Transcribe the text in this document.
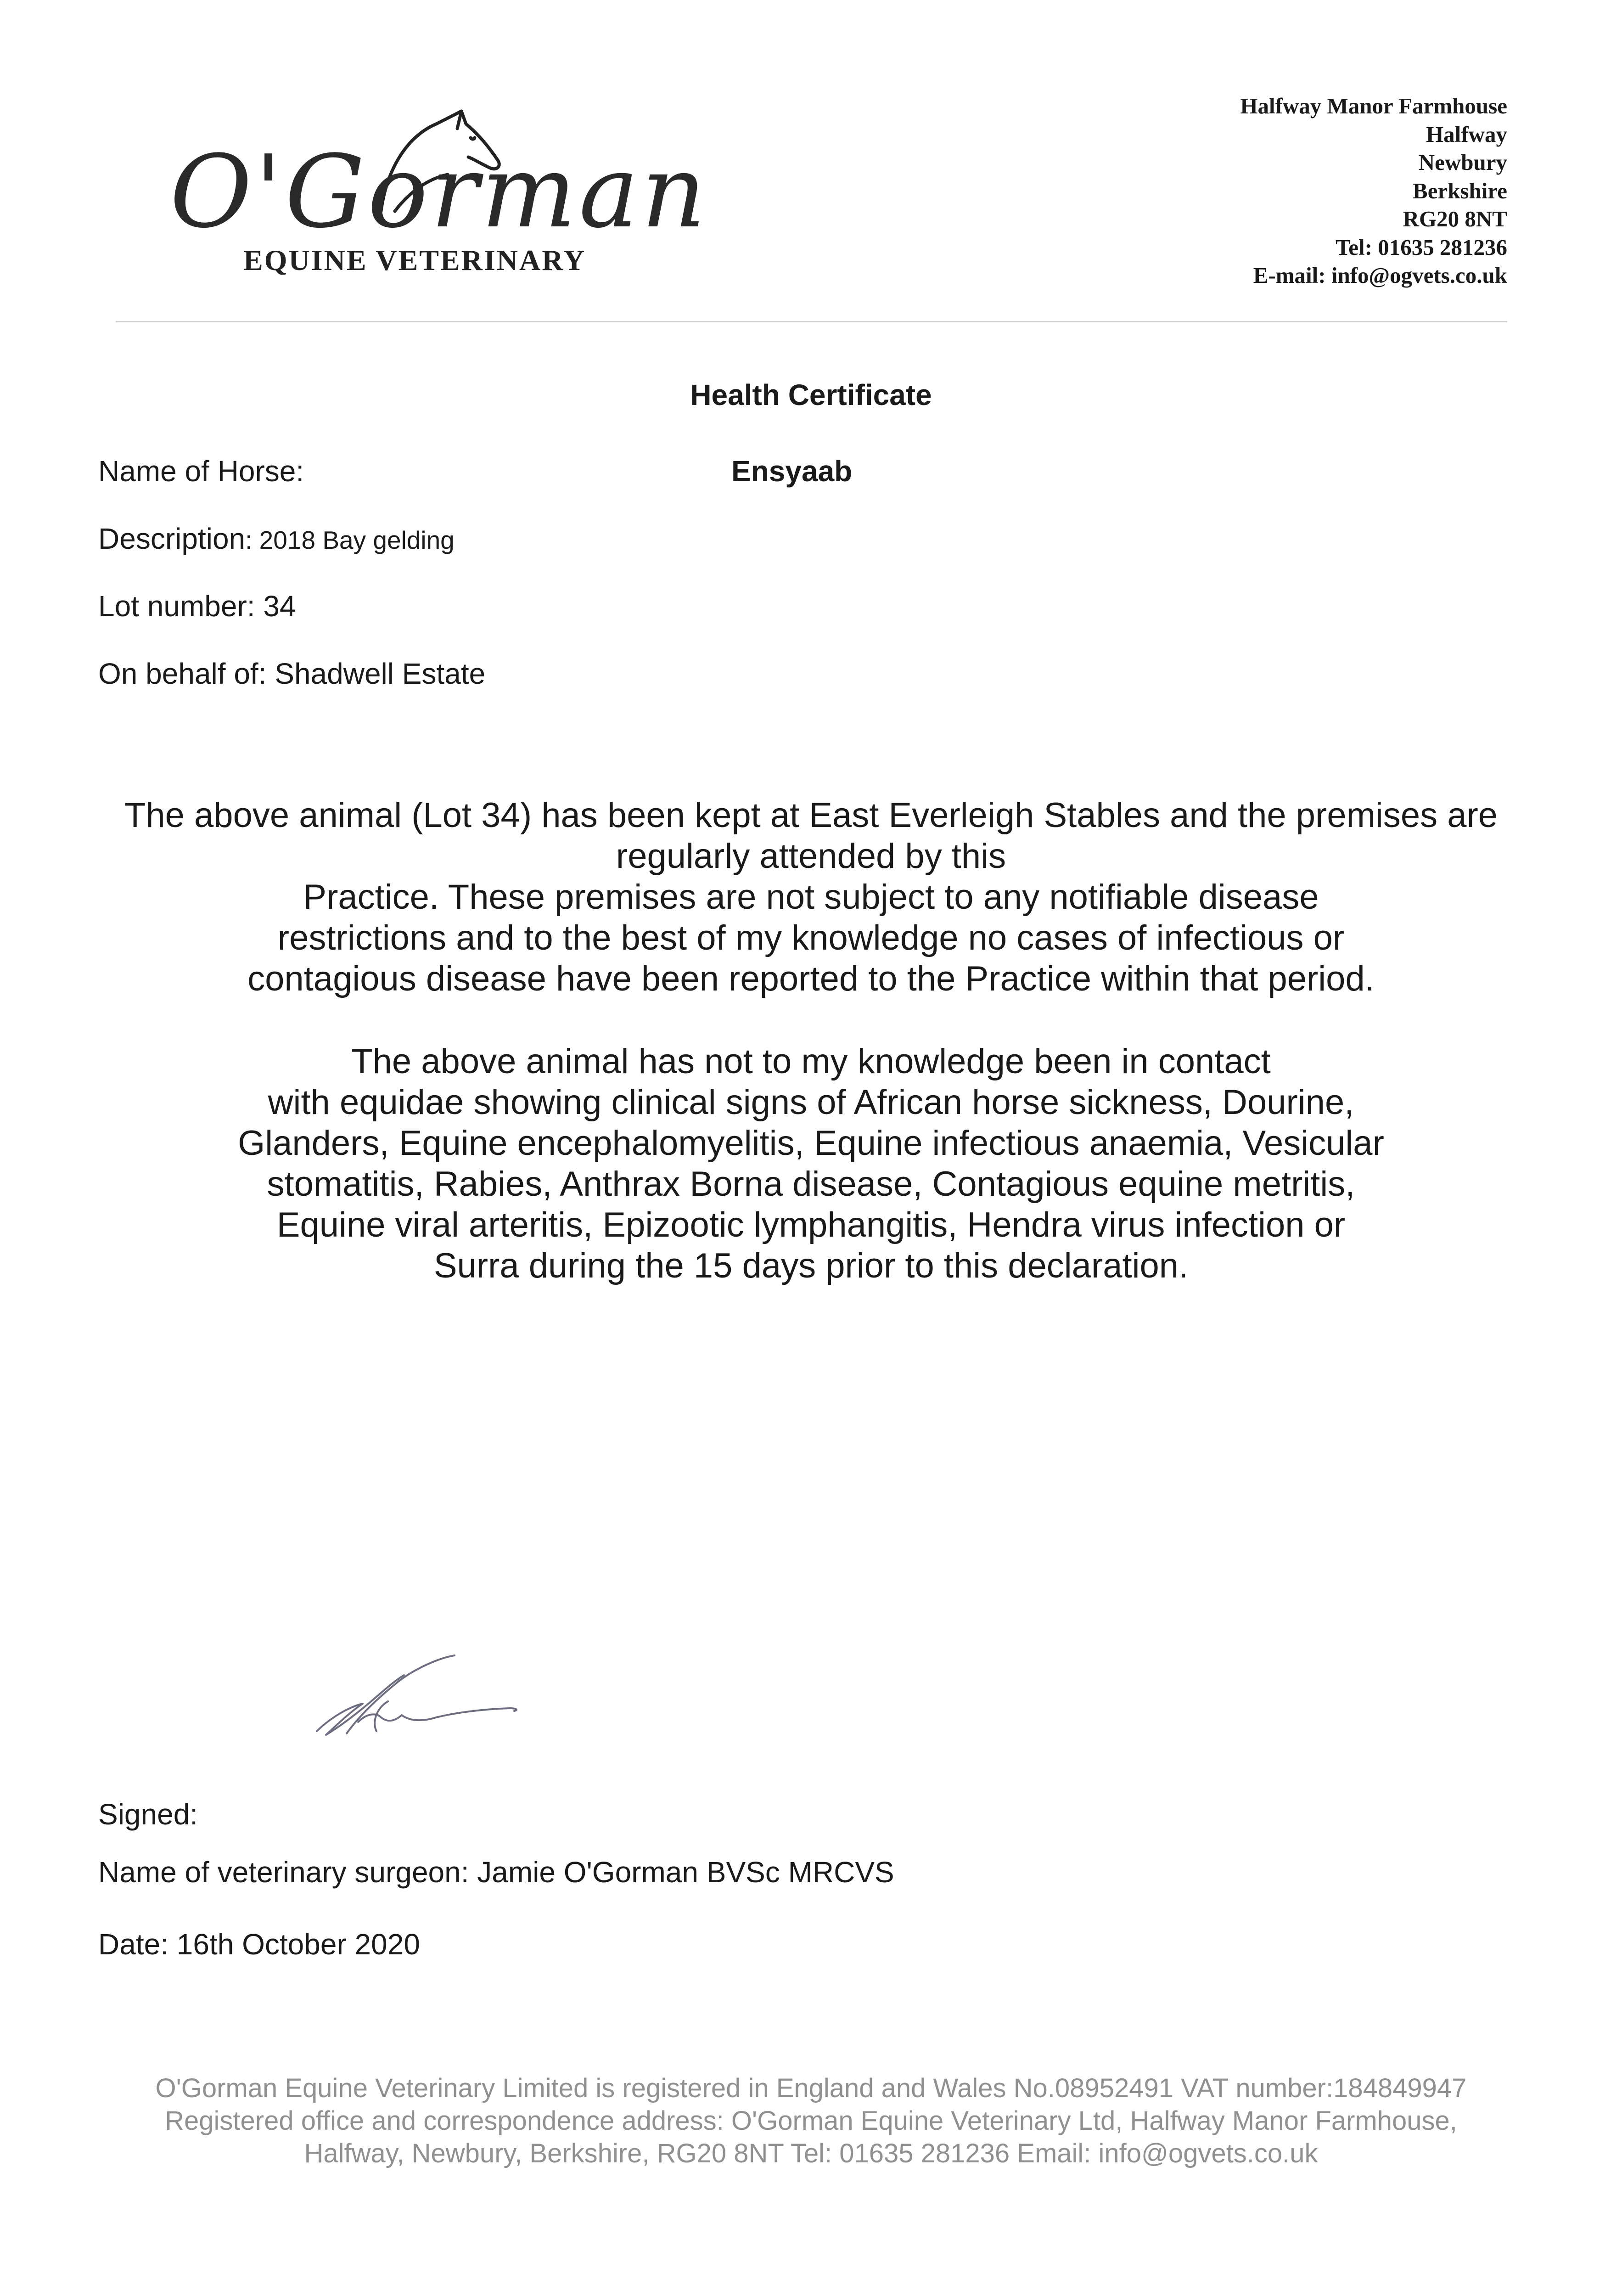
O'Gorman
EQUINE VETERINARY
Halfway Manor Farmhouse
Halfway
Newbury
Berkshire
RG20 8NT
Tel: 01635 281236
E-mail: info@ogvets.co.uk
Health Certificate
Name of Horse:	Ensyaab
Description: 2018 Bay gelding
Lot number: 34
On behalf of: Shadwell Estate
The above animal (Lot 34) has been kept at East Everleigh Stables and the premises are
regularly attended by this
Practice. These premises are not subject to any notifiable disease
restrictions and to the best of my knowledge no cases of infectious or
contagious disease have been reported to the Practice within that period.
The above animal has not to my knowledge been in contact
with equidae showing clinical signs of African horse sickness, Dourine,
Glanders, Equine encephalomyelitis, Equine infectious anaemia, Vesicular
stomatitis, Rabies, Anthrax Borna disease, Contagious equine metritis,
Equine viral arteritis, Epizootic lymphangitis, Hendra virus infection or
Surra during the 15 days prior to this declaration.
Signed:
Name of veterinary surgeon: Jamie O'Gorman BVSc MRCVS
Date: 16th October 2020
O'Gorman Equine Veterinary Limited is registered in England and Wales No.08952491 VAT number:184849947
Registered office and correspondence address: O'Gorman Equine Veterinary Ltd, Halfway Manor Farmhouse,
Halfway, Newbury, Berkshire, RG20 8NT Tel: 01635 281236 Email: info@ogvets.co.uk
